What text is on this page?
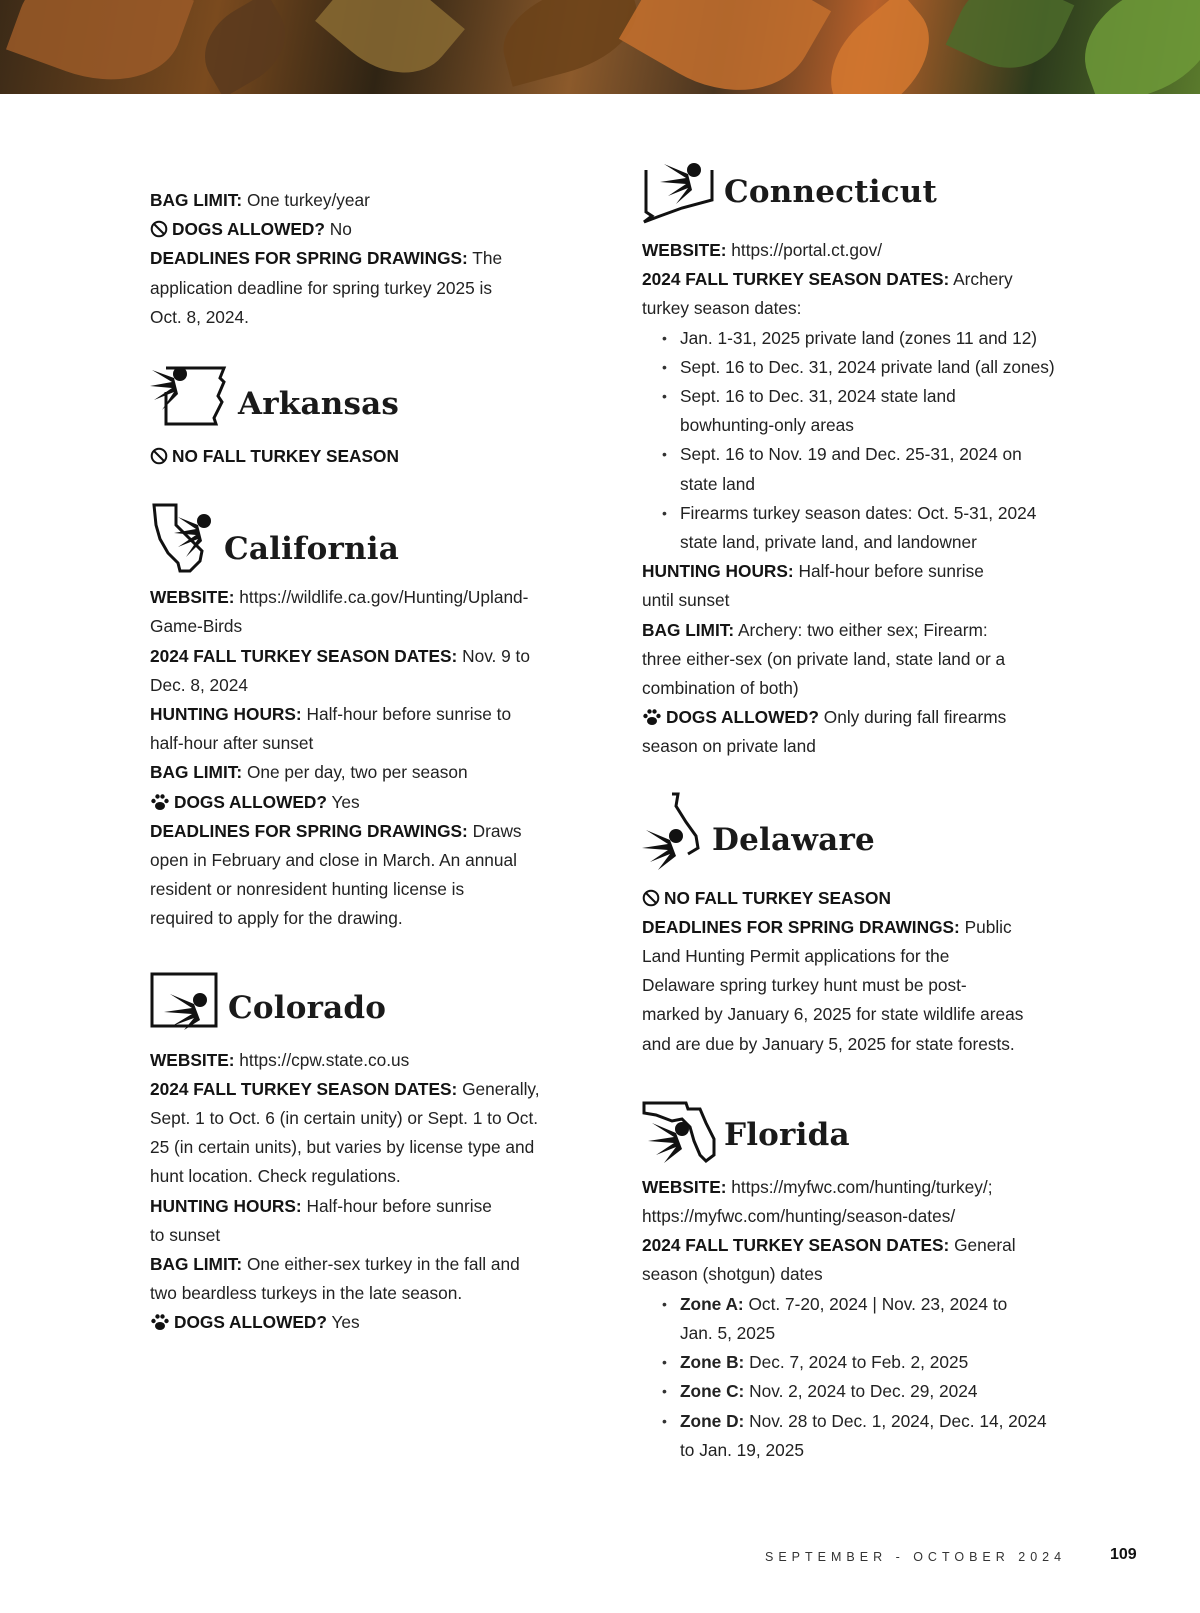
BAG LIMIT: One turkey/year

DOGS ALLOWED? No

DEADLINES FOR SPRING DRAWINGS: The

application deadline for spring turkey 2025 is

Oct. 8, 2024.

Arkansas

NO FALL TURKEY SEASON

California

WEBSITE: https://wildlife.ca.gov/Hunting/Upland-

Game-Birds

2024 FALL TURKEY SEASON DATES: Nov. 9 to

Dec. 8, 2024

HUNTING HOURS: Half-hour before sunrise to

half-hour after sunset

BAG LIMIT: One per day, two per season

DOGS ALLOWED? Yes

DEADLINES FOR SPRING DRAWINGS: Draws

open in February and close in March. An annual

resident or nonresident hunting license is

required to apply for the drawing.

Colorado

WEBSITE: https://cpw.state.co.us

2024 FALL TURKEY SEASON DATES: Generally,

Sept. 1 to Oct. 6 (in certain unity) or Sept. 1 to Oct.

25 (in certain units), but varies by license type and

hunt location. Check regulations.

HUNTING HOURS: Half-hour before sunrise

to sunset

BAG LIMIT: One either-sex turkey in the fall and

two beardless turkeys in the late season.

DOGS ALLOWED? Yes

Connecticut

WEBSITE: https://portal.ct.gov/

2024 FALL TURKEY SEASON DATES: Archery

turkey season dates:

• Jan. 1-31, 2025 private land (zones 11 and 12)
• Sept. 16 to Dec. 31, 2024 private land (all zones)
• Sept. 16 to Dec. 31, 2024 state land
bowhunting-only areas
• Sept. 16 to Nov. 19 and Dec. 25-31, 2024 on
state land
• Firearms turkey season dates: Oct. 5-31, 2024
state land, private land, and landowner

HUNTING HOURS: Half-hour before sunrise

until sunset

BAG LIMIT: Archery: two either sex; Firearm:

three either-sex (on private land, state land or a

combination of both)

DOGS ALLOWED? Only during fall firearms

season on private land

Delaware

NO FALL TURKEY SEASON

DEADLINES FOR SPRING DRAWINGS: Public

Land Hunting Permit applications for the

Delaware spring turkey hunt must be post-

marked by January 6, 2025 for state wildlife areas

and are due by January 5, 2025 for state forests.

Florida

WEBSITE: https://myfwc.com/hunting/turkey/;

https://myfwc.com/hunting/season-dates/

2024 FALL TURKEY SEASON DATES: General

season (shotgun) dates

• Zone A: Oct. 7-20, 2024 | Nov. 23, 2024 to
Jan. 5, 2025
• Zone B: Dec. 7, 2024 to Feb. 2, 2025
• Zone C: Nov. 2, 2024 to Dec. 29, 2024
• Zone D: Nov. 28 to Dec. 1, 2024, Dec. 14, 2024
to Jan. 19, 2025
SEPTEMBER - OCTOBER 2024	109
